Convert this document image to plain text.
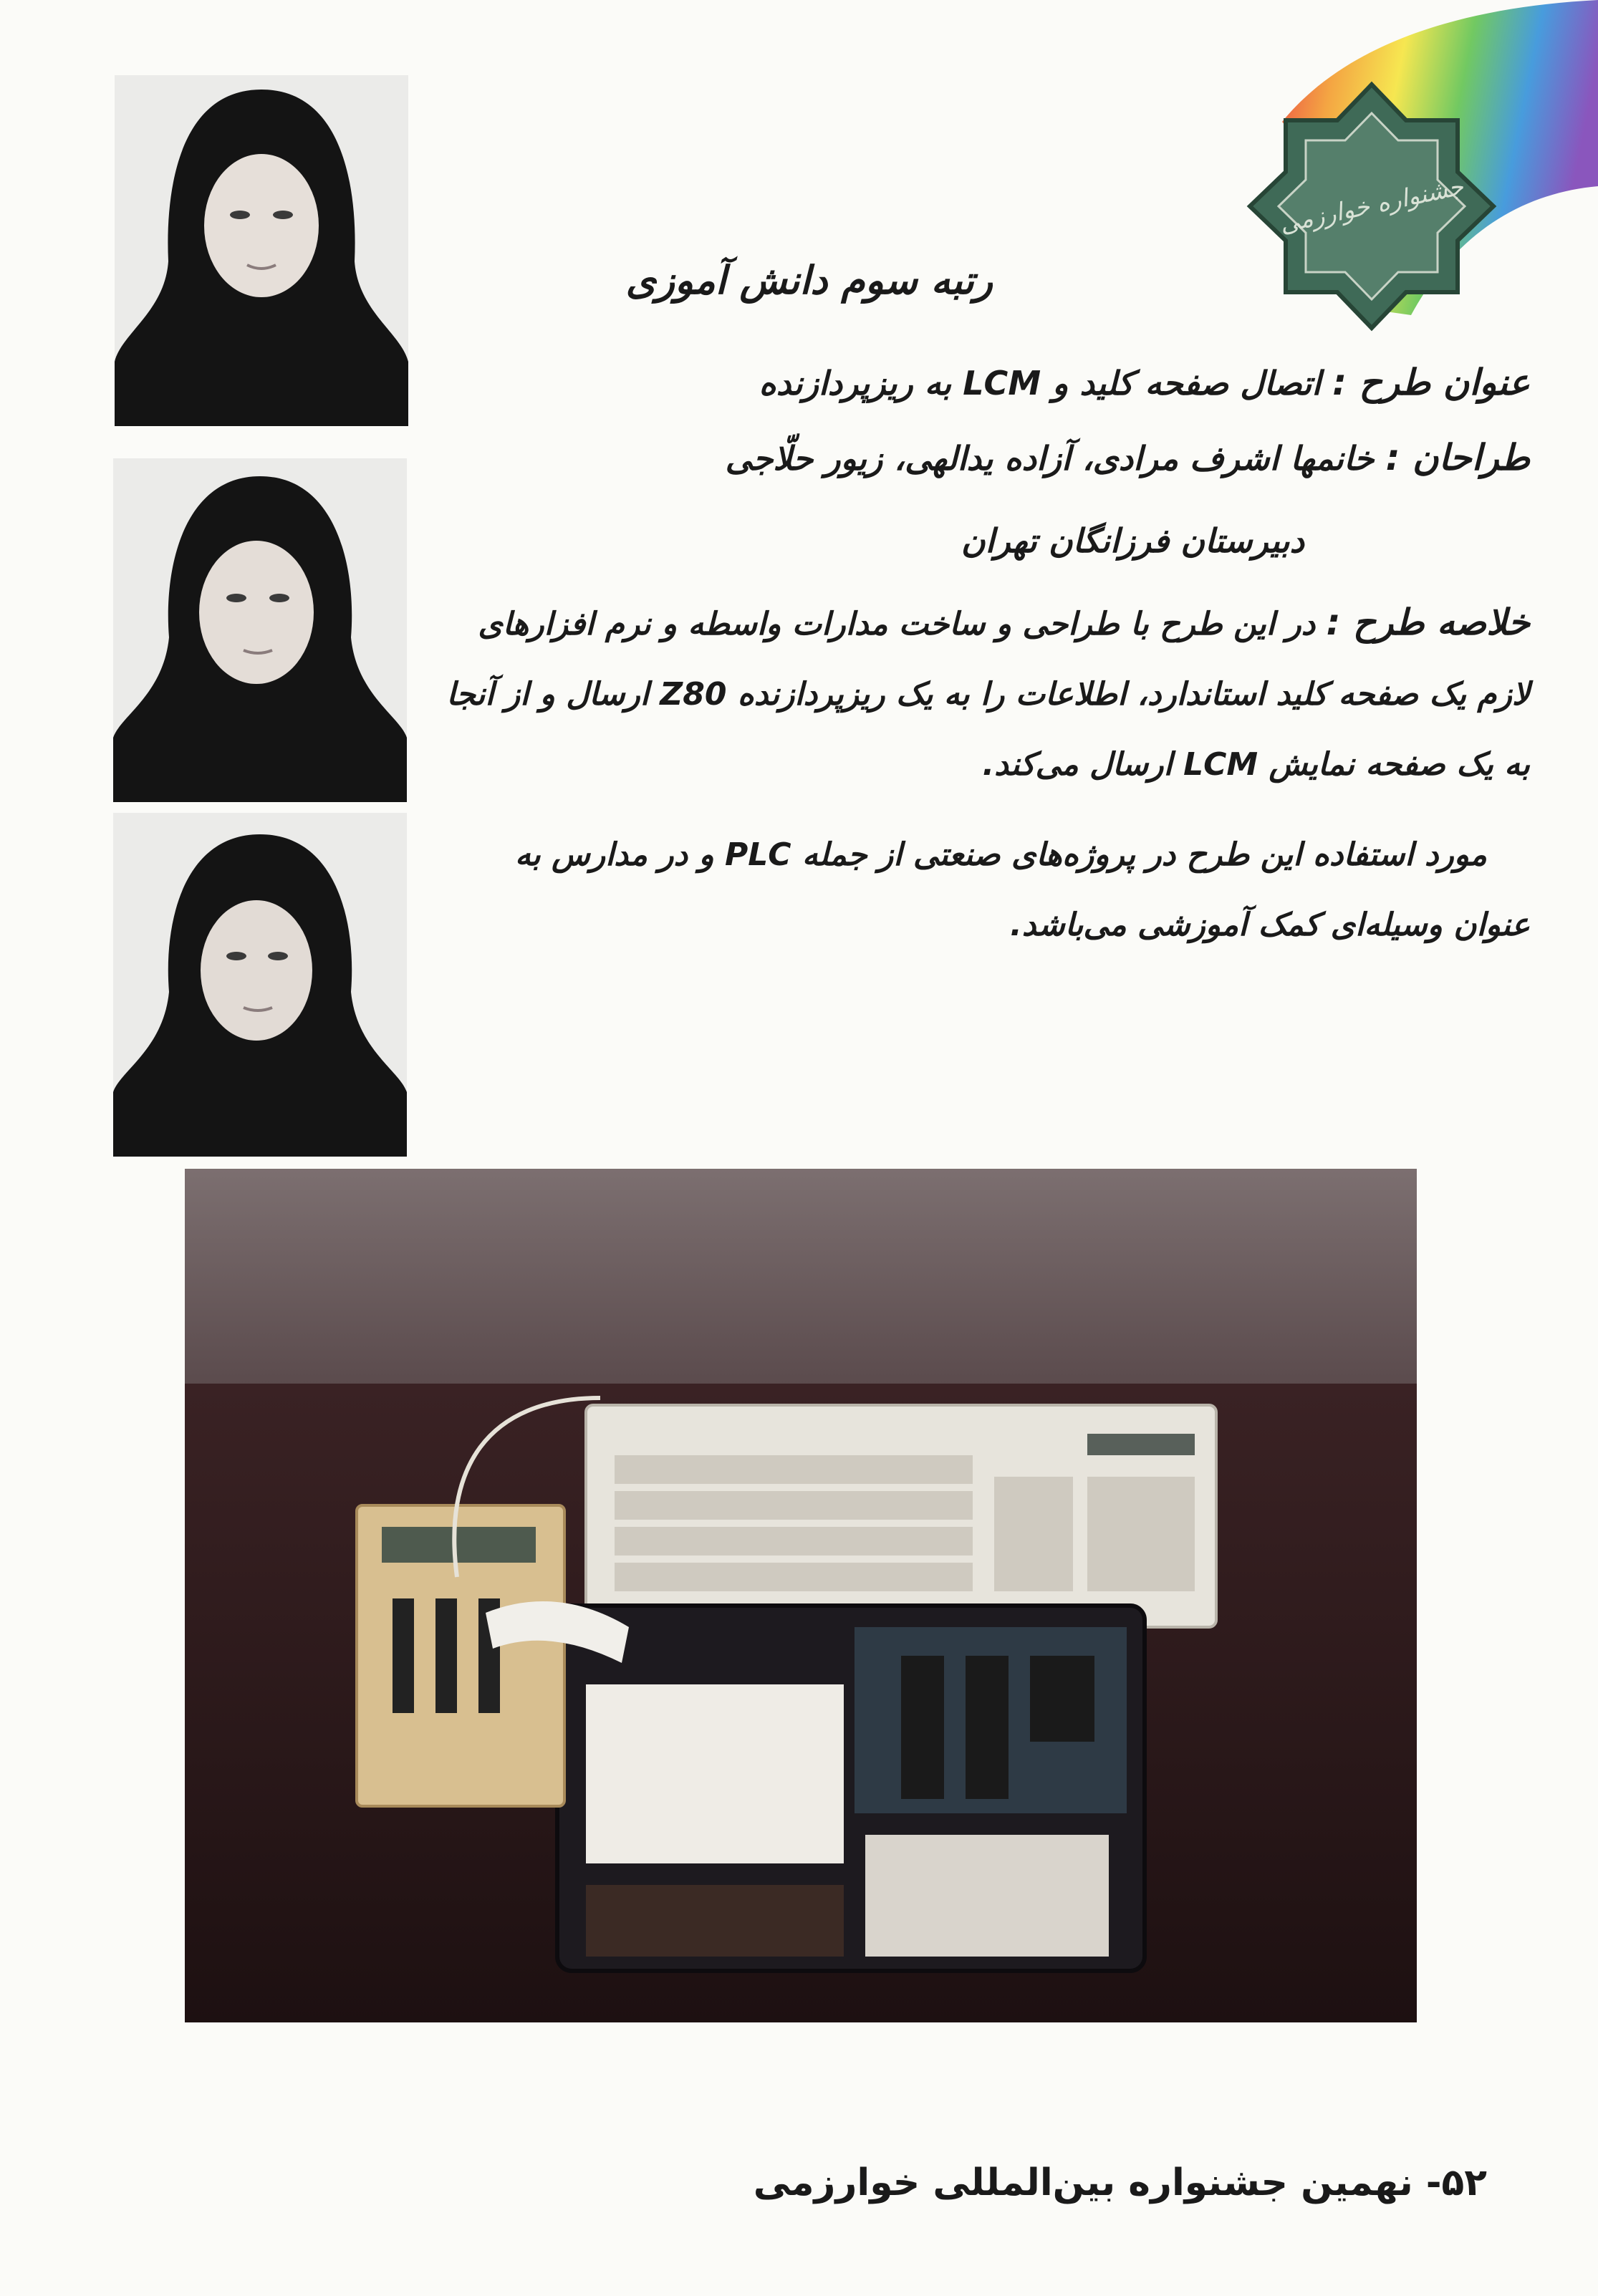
جشنواره خوارزمی
رتبه سوم دانش آموزی
عنوان طرح : اتصال صفحه کلید و LCM به ریزپردازنده
طراحان : خانمها اشرف مرادی، آزاده یدالهی، زیور حلّاجی
دبیرستان فرزانگان تهران
خلاصه طرح : در این طرح با طراحی و ساخت مدارات واسطه و نرم افزارهای لازم یک صفحه کلید استاندارد، اطلاعات را به یک ریزپردازنده Z80 ارسال و از آنجا به یک صفحه نمایش LCM ارسال می‌کند.
مورد استفاده این طرح در پروژه‌های صنعتی از جمله PLC و در مدارس به عنوان وسیله‌ای کمک آموزشی می‌باشد.
۵۲- نهمین جشنواره بین‌المللی خوارزمی
